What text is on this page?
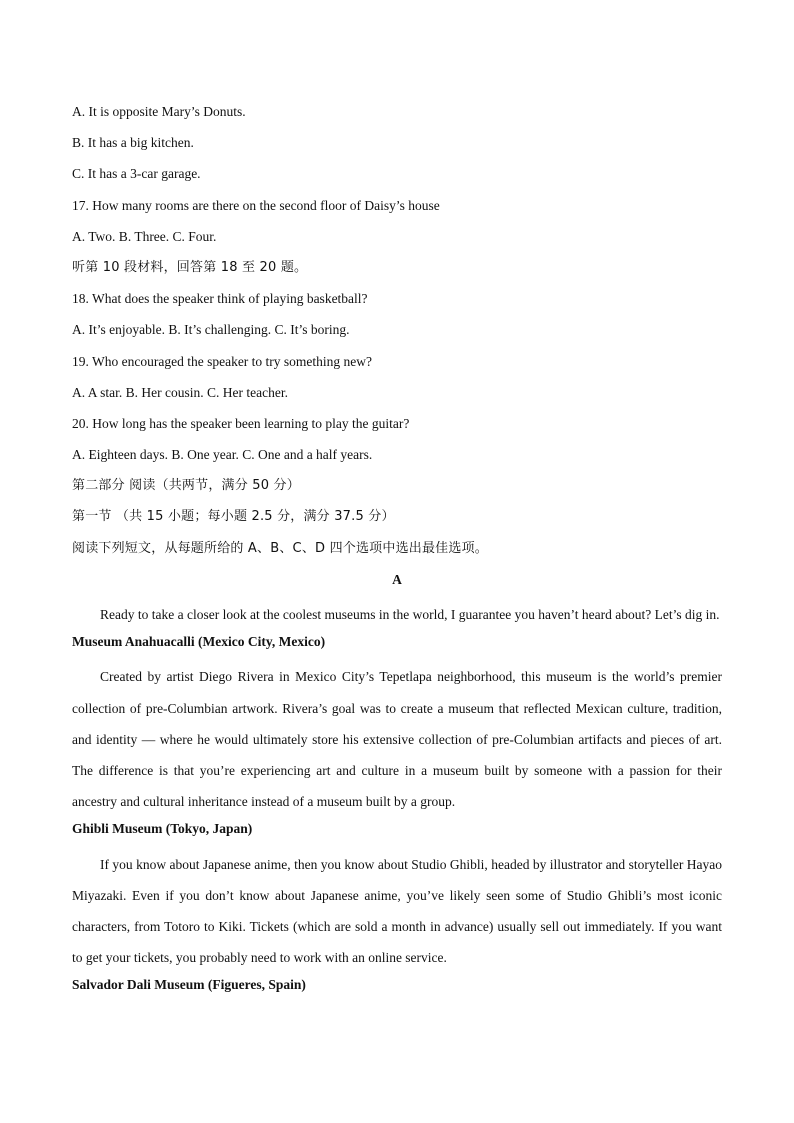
A. It is opposite Mary’s Donuts.
B. It has a big kitchen.
C. It has a 3-car garage.
17. How many rooms are there on the second floor of Daisy’s house
A. Two. B. Three. C. Four.
听第 10 段材料，回答第 18 至 20 题。
18. What does the speaker think of playing basketball?
A. It’s enjoyable. B. It’s challenging. C. It’s boring.
19. Who encouraged the speaker to try something new?
A. A star. B. Her cousin. C. Her teacher.
20. How long has the speaker been learning to play the guitar?
A. Eighteen days. B. One year. C. One and a half years.
第二部分 阅读（共两节，满分 50 分）
第一节 （共 15 小题；每小题 2.5 分，满分 37.5 分）
阅读下列短文，从每题所给的 A、B、C、D 四个选项中选出最佳选项。
A

Ready to take a closer look at the coolest museums in the world, I guarantee you haven’t heard about? Let’s dig in.

Museum Anahuacalli (Mexico City, Mexico)

Created by artist Diego Rivera in Mexico City’s Tepetlapa neighborhood, this museum is the world’s premier collection of pre-Columbian artwork. Rivera’s goal was to create a museum that reflected Mexican culture, tradition, and identity — where he would ultimately store his extensive collection of pre-Columbian artifacts and pieces of art. The difference is that you’re experiencing art and culture in a museum built by someone with a passion for their ancestry and cultural inheritance instead of a museum built by a group.

Ghibli Museum (Tokyo, Japan)

If you know about Japanese anime, then you know about Studio Ghibli, headed by illustrator and storyteller Hayao Miyazaki. Even if you don’t know about Japanese anime, you’ve likely seen some of Studio Ghibli’s most iconic characters, from Totoro to Kiki. Tickets (which are sold a month in advance) usually sell out immediately. If you want to get your tickets, you probably need to work with an online service.

Salvador Dali Museum (Figueres, Spain)
